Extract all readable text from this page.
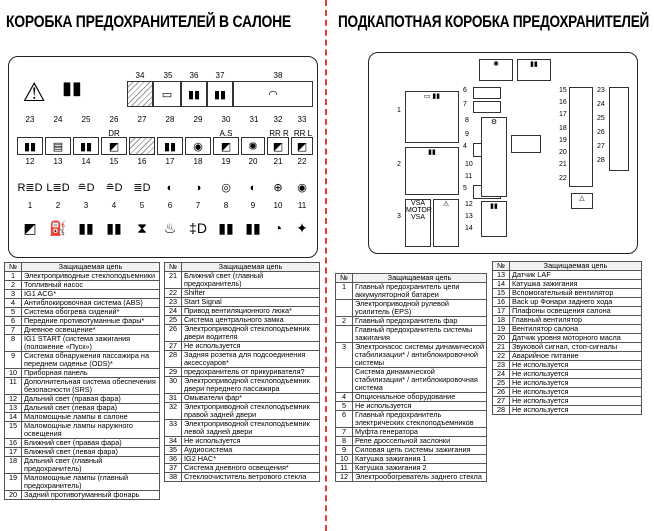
КОРОБКА ПРЕДОХРАНИТЕЛЕЙ В САЛОНЕ	ПОДКАПОТНАЯ КОРОБКА ПРЕДОХРАНИТЕЛЕЙ
34	35	36	37	38
▭	▮▮	▮▮	◠
⚠ ▮▮
23	24	25	26	27	28	29	30	31	32	33
▮▮	▤	▮▮
DR
◩	▮▮	◉
A.S
◩	✺
RR R
◩
RR L
◩
12	13	14	15	16	17	18	19	20	21	22
R≣D L≣D ≘D ≘D ≣D	◐	◑	◎	◐	⊕	◉
1	2	3	4	5	6	7	8	9	10	11
◩ ⛽ ▮▮ ▮▮	⧗	♨ ‡D ▮▮ ▮▮ ◔ ✦
✺	▮▮
1
▭ ▮▮
2
▮▮
3
VSA MOTOR
VSA
⚠
6
7
4
5
8
9
10
11
12
13
14
⚙
▮▮
15
16
17
18
19
20
21
22
23
24
25
26
27
28
△
№	Защищаемая цепь
1	Электроприводные стеклоподъемники
2	Топливный насос
3	IG1 ACG*
4	Антиблокировочная система (ABS)
5	Система обогрева сидений*
6	Передние противотуманные фары*
7	Дневное освещение*
8	IG1 START (система зажигания (положение «Пуск»)
9	Система обнаружения пассажира на переднем сиденье (ODS)*
10	Приборная панель
11	Дополнительная система обеспечения безопасности (SRS)
12	Дальний свет (правая фара)
13	Дальний свет (левая фара)
14	Маломощные лампы в салоне
15	Маломощные лампы наружного освещения
16	Ближний свет (правая фара)
17	Ближний свет (левая фара)
18	Дальний свет (главный предохранитель)
19	Маломощные лампы (главный предохранитель)
20	Задний противотуманный фонарь
№	Защищаемая цепь
21	Ближний свет (главный предохранитель)
22	Shifter
23	Start Signal
24	Привод вентиляционного люка*
25	Система центрального замка
26	Электроприводной стеклоподъемник двери водителя
27	Не используется
28	Задняя розетка для подсоединения аксессуаров*
29	предохранитель от прикуривателя?
30	Электроприводной стеклоподъемник двери переднего пассажира
31	Омыватели фар*
32	Электроприводной стеклоподъемник правой задней двери
33	Электроприводной стеклоподъемник левой задней двери
34	Не используется
35	Аудиосистема
36	IG2 HAC*
37	Система дневного освещения*
38	Стеклоочиститель ветрового стекла
№	Защищаемая цепь
1	Главный предохранитель цепи аккумуляторной батареи
	Электроприводной рулевой усилитель (EPS)
2	Главный предохранитель фар
	Главный предохранитель системы зажигания
3	Электронасос системы динамической стабилизации* / антиблокировочной системы
	Система динамической стабилизации* / антиблокировочная система
4	Опциональное оборудование
5	Не используется
6	Главный предохранитель электрических стеклоподъемников
7	Муфта генератора
8	Реле дроссельной заслонки
9	Силовая цепь системы зажигания
10	Катушка зажигания 1
11	Катушка зажигания 2
12	Электрообогреватель заднего стекла
№	Защищаемая цепь
13	Датчик LAF
14	Катушка зажигания
15	Вспомогательный вентилятор
16	Back up Фонари заднего хода
17	Плафоны освещения салона
18	Главный вентилятор
19	Вентилятор салона
20	Датчик уровня моторного масла
21	Звуковой сигнал, стоп-сигналы
22	Аварийное питание
23	Не используется
24	Не используется
25	Не используется
26	Не используется
27	Не используется
28	Не используется
